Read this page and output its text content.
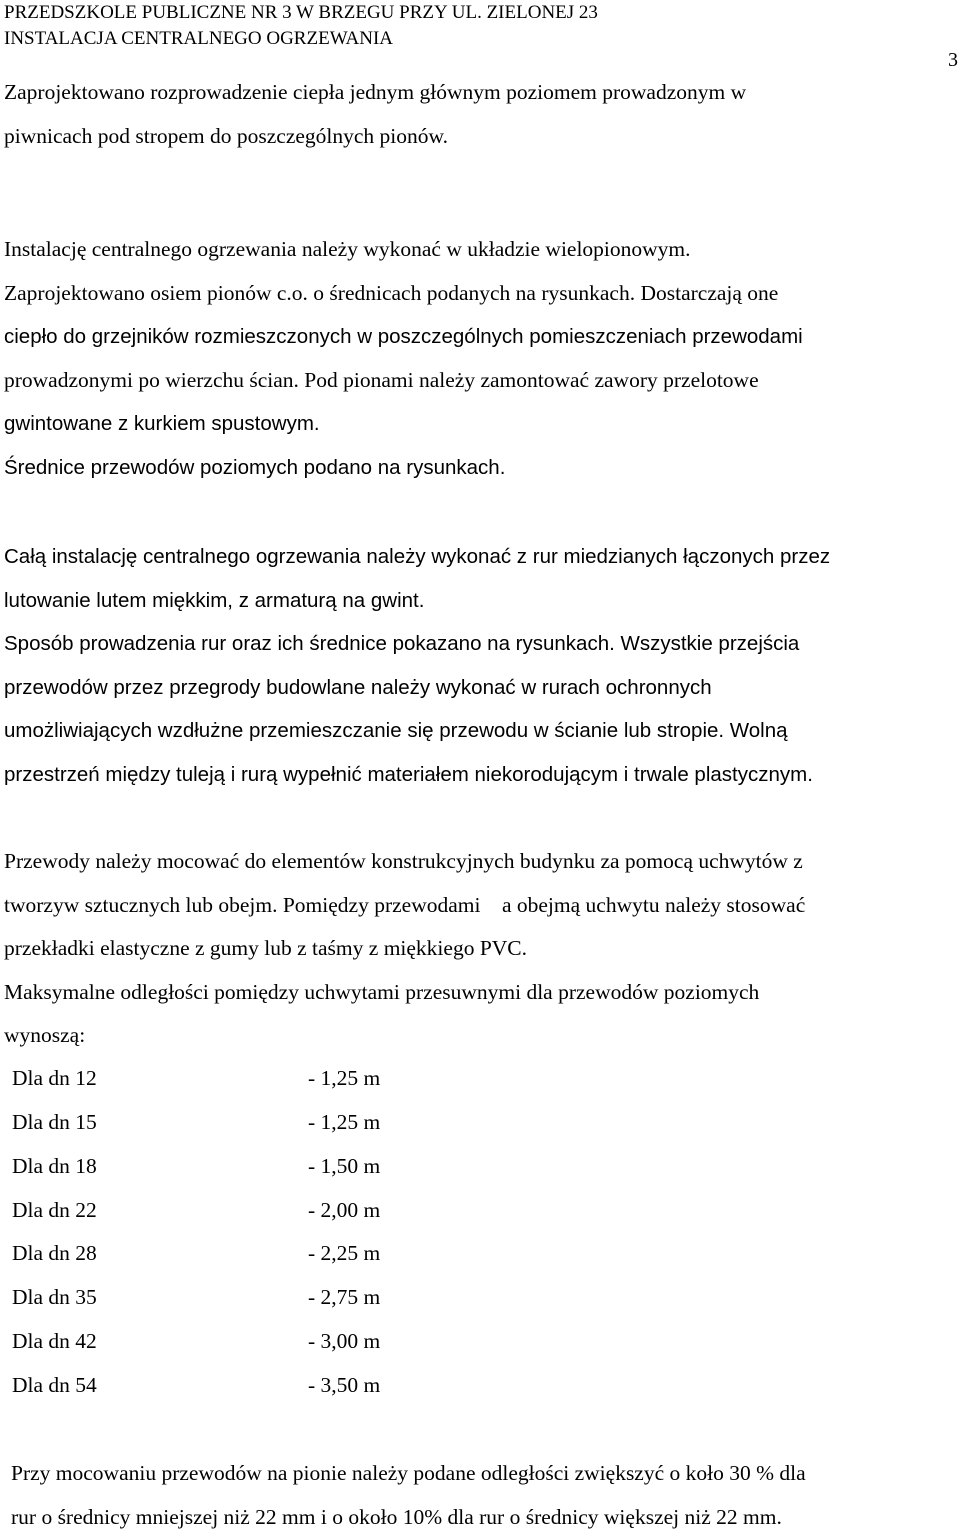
PRZEDSZKOLE PUBLICZNE NR 3 W BRZEGU PRZY UL. ZIELONEJ 23
INSTALACJA CENTRALNEGO OGRZEWANIA
3

Zaprojektowano rozprowadzenie ciepła jednym głównym poziomem prowadzonym w

piwnicach pod stropem do poszczególnych pionów.

Instalację centralnego ogrzewania należy wykonać w układzie wielopionowym.

Zaprojektowano osiem pionów c.o. o średnicach podanych na rysunkach. Dostarczają one

ciepło do grzejników rozmieszczonych w poszczególnych pomieszczeniach przewodami

prowadzonymi po wierzchu ścian. Pod pionami należy zamontować zawory przelotowe

gwintowane z kurkiem spustowym.

Średnice przewodów poziomych podano na rysunkach.

Całą instalację centralnego ogrzewania należy wykonać z rur miedzianych łączonych przez

lutowanie lutem miękkim, z armaturą na gwint.

Sposób prowadzenia rur oraz ich średnice pokazano na rysunkach. Wszystkie przejścia

przewodów przez przegrody budowlane należy wykonać w rurach ochronnych

umożliwiających wzdłużne przemieszczanie się przewodu w ścianie lub stropie. Wolną

przestrzeń między tuleją i rurą wypełnić materiałem niekorodującym i trwale plastycznym.

Przewody należy mocować do elementów konstrukcyjnych budynku za pomocą uchwytów z

tworzyw sztucznych lub obejm. Pomiędzy przewodami    a obejmą uchwytu należy stosować

przekładki elastyczne z gumy lub z taśmy z miękkiego PVC.

Maksymalne odległości pomiędzy uchwytami przesuwnymi dla przewodów poziomych

wynoszą:

Dla dn 12	- 1,25 m
Dla dn 15	- 1,25 m
Dla dn 18	- 1,50 m
Dla dn 22	- 2,00 m
Dla dn 28	- 2,25 m
Dla dn 35	- 2,75 m
Dla dn 42	- 3,00 m
Dla dn 54	- 3,50 m

Przy mocowaniu przewodów na pionie należy podane odległości zwiększyć o koło 30 % dla

rur o średnicy mniejszej niż 22 mm i o około 10% dla rur o średnicy większej niż 22 mm.
